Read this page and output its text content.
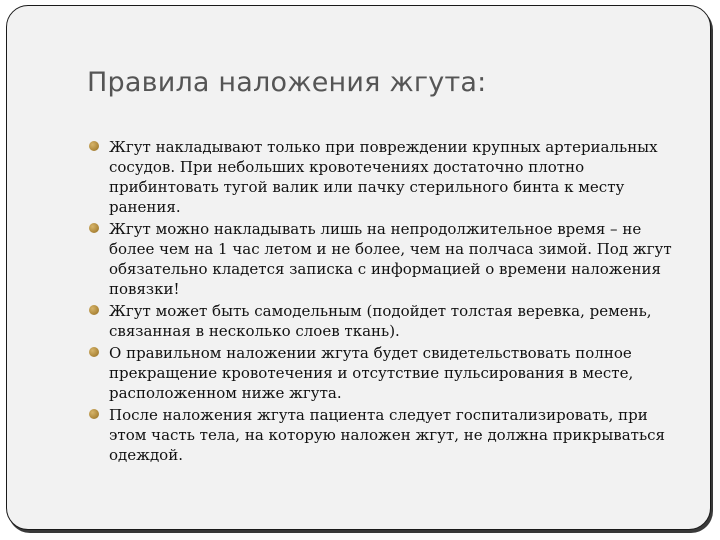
Правила наложения жгута:
Жгут накладывают только при повреждении крупных артериальных сосудов. При небольших кровотечениях достаточно плотно прибинтовать тугой валик или пачку стерильного бинта к месту ранения.
Жгут можно накладывать лишь на непродолжительное время – не более чем на 1 час летом и не более, чем на полчаса зимой. Под жгут обязательно кладется записка с информацией о времени наложения повязки!
Жгут может быть самодельным (подойдет толстая веревка, ремень, связанная в несколько слоев ткань).
О правильном наложении жгута будет свидетельствовать полное прекращение кровотечения и отсутствие пульсирования в месте, расположенном ниже жгута.
После наложения жгута пациента следует госпитализировать, при этом часть тела, на которую наложен жгут, не должна прикрываться одеждой.
